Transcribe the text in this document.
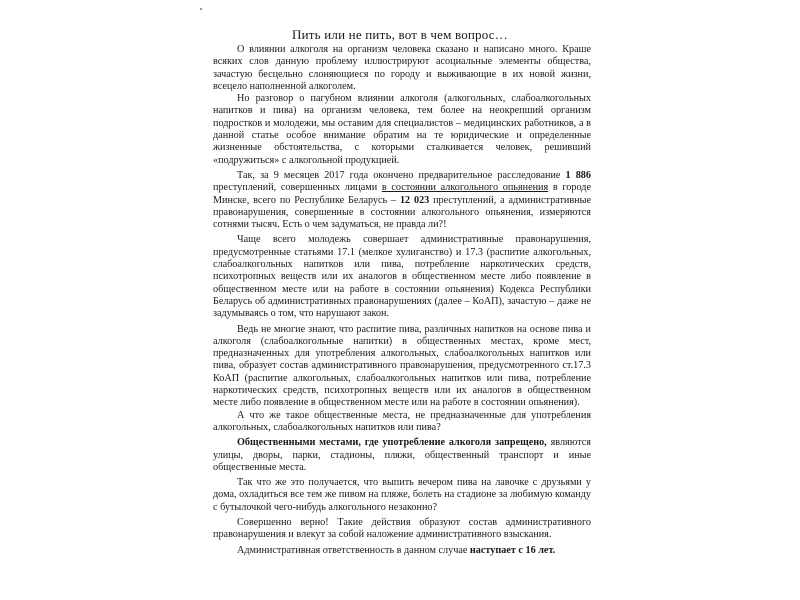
Пить или не пить, вот в чем вопрос…

О влиянии алкоголя на организм человека сказано и написано много. Краше всяких слов данную проблему иллюстрируют асоциальные элементы общества, зачастую бесцельно слоняющиеся по городу и выживающие в их новой жизни, всецело наполненной алкоголем.

Но разговор о пагубном влиянии алкоголя (алкогольных, слабоалкогольных напитков и пива) на организм человека, тем более на неокрепший организм подростков и молодежи, мы оставим для специалистов – медицинских работников, а в данной статье особое внимание обратим на те юридические и определенные жизненные обстоятельства, с которыми сталкивается человек, решивший «подружиться» с алкогольной продукцией.

Так, за 9 месяцев 2017 года окончено предварительное расследование 1 886 преступлений, совершенных лицами в состоянии алкогольного опьянения в городе Минске, всего по Республике Беларусь – 12 023 преступлений, а административные правонарушения, совершенные в состоянии алкогольного опьянения, измеряются сотнями тысяч. Есть о чем задуматься, не правда ли?!

Чаще всего молодежь совершает административные правонарушения, предусмотренные статьями 17.1 (мелкое хулиганство) и 17.3 (распитие алкогольных, слабоалкогольных напитков или пива, потребление наркотических средств, психотропных веществ или их аналогов в общественном месте либо появление в общественном месте или на работе в состоянии опьянения) Кодекса Республики Беларусь об административных правонарушениях (далее – КоАП), зачастую – даже не задумываясь о том, что нарушают закон.

Ведь не многие знают, что распитие пива, различных напитков на основе пива и алкоголя (слабоалкогольные напитки) в общественных местах, кроме мест, предназначенных для употребления алкогольных, слабоалкогольных напитков или пива, образует состав административного правонарушения, предусмотренного ст.17.3 КоАП (распитие алкогольных, слабоалкогольных напитков или пива, потребление наркотических средств, психотропных веществ или их аналогов в общественном месте либо появление в общественном месте или на работе в состоянии опьянения).

А что же такое общественные места, не предназначенные для употребления алкогольных, слабоалкогольных напитков или пива?

Общественными местами, где употребление алкоголя запрещено, являются улицы, дворы, парки, стадионы, пляжи, общественный транспорт и иные общественные места.

Так что же это получается, что выпить вечером пива на лавочке с друзьями у дома, охладиться все тем же пивом на пляже, болеть на стадионе за любимую команду с бутылочкой чего-нибудь алкогольного незаконно?

Совершенно верно! Такие действия образуют состав административного правонарушения и влекут за собой наложение административного взыскания.

Административная ответственность в данном случае наступает с 16 лет.
